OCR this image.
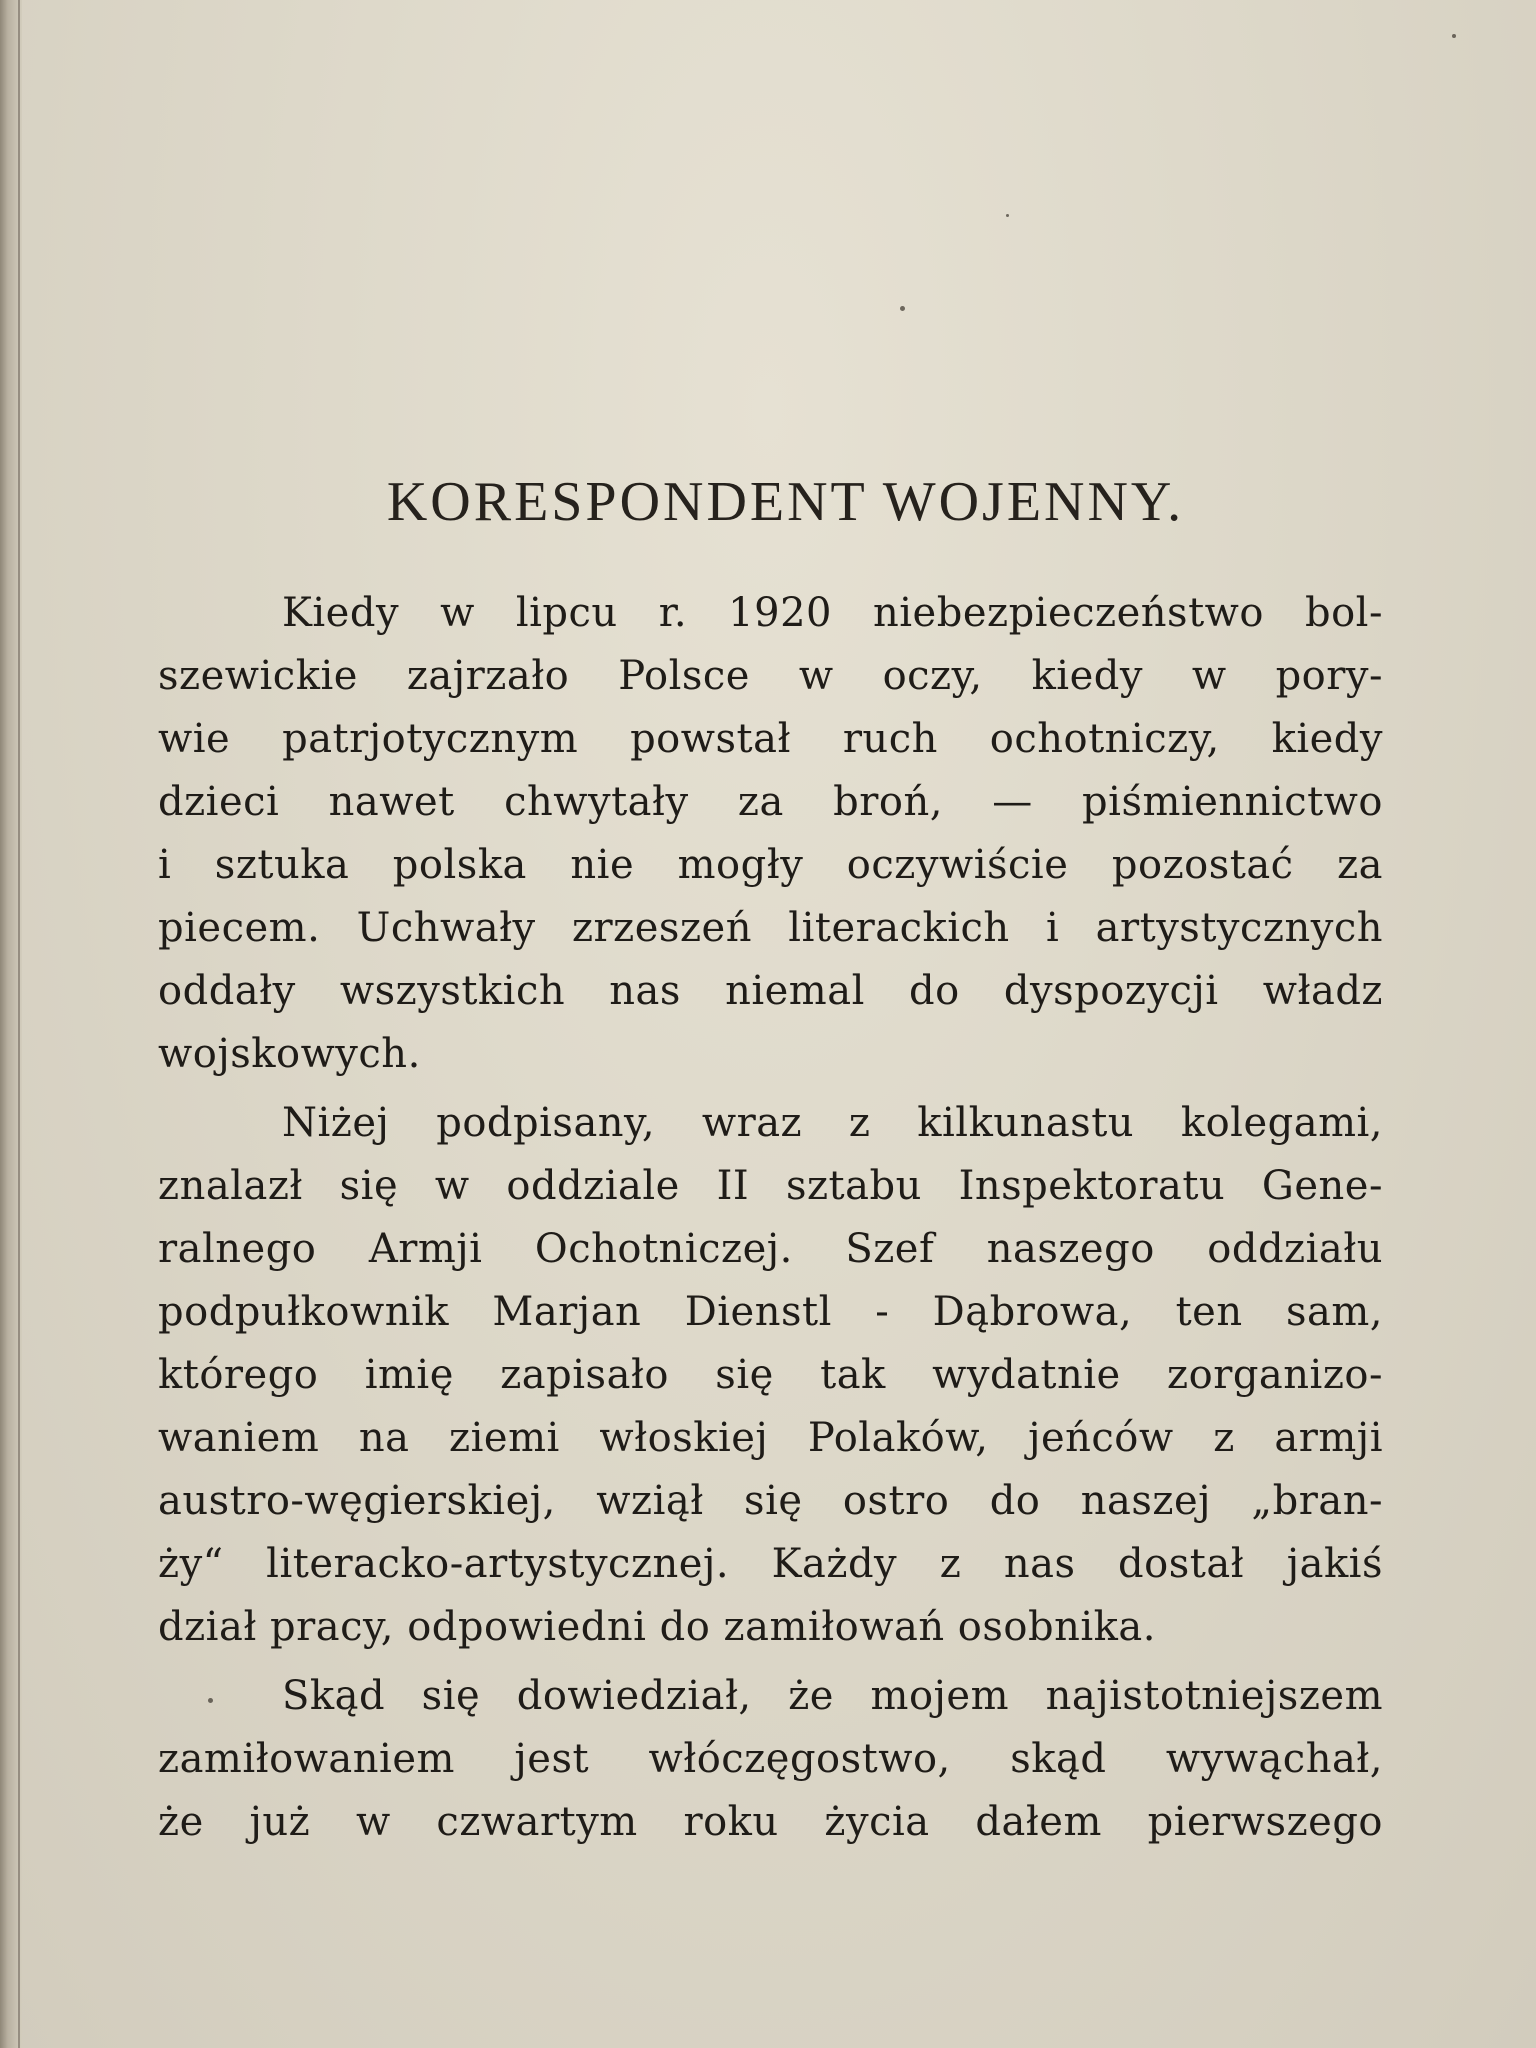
KORESPONDENT WOJENNY.
Kiedy w lipcu r. 1920 niebezpieczeństwo bol-
szewickie zajrzało Polsce w oczy, kiedy w pory-
wie patrjotycznym powstał ruch ochotniczy, kiedy
dzieci nawet chwytały za broń, — piśmiennictwo
i sztuka polska nie mogły oczywiście pozostać za
piecem. Uchwały zrzeszeń literackich i artystycznych
oddały wszystkich nas niemal do dyspozycji władz
wojskowych.
Niżej podpisany, wraz z kilkunastu kolegami,
znalazł się w oddziale II sztabu Inspektoratu Gene-
ralnego Armji Ochotniczej. Szef naszego oddziału
podpułkownik Marjan Dienstl - Dąbrowa, ten sam,
którego imię zapisało się tak wydatnie zorganizo-
waniem na ziemi włoskiej Polaków, jeńców z armji
austro-węgierskiej, wziął się ostro do naszej „bran-
ży“ literacko-artystycznej. Każdy z nas dostał jakiś
dział pracy, odpowiedni do zamiłowań osobnika.
Skąd się dowiedział, że mojem najistotniejszem
zamiłowaniem jest włóczęgostwo, skąd wywąchał,
że już w czwartym roku życia dałem pierwszego
